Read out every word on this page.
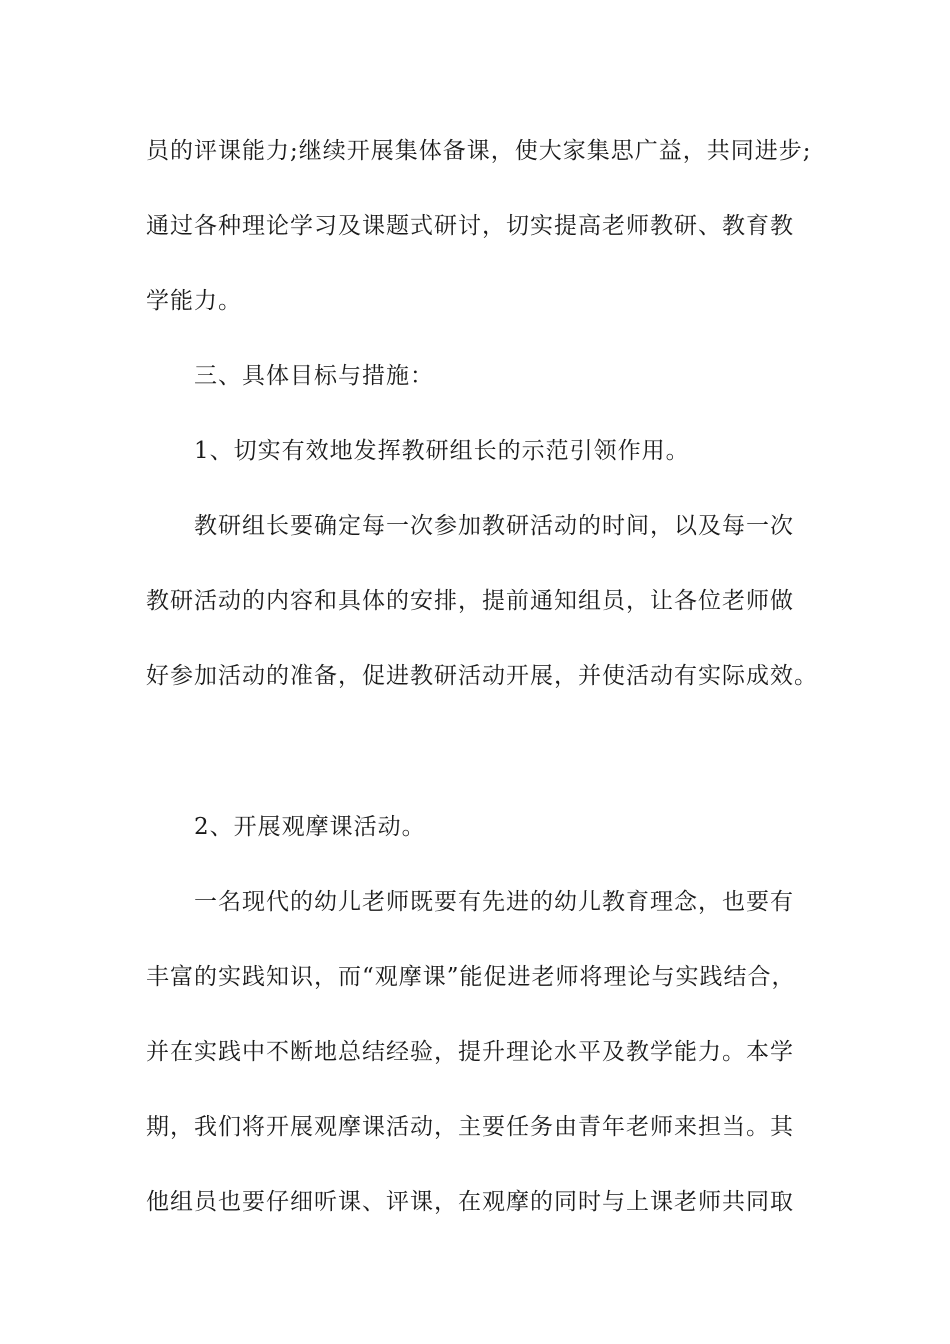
员的评课能力;继续开展集体备课，使大家集思广益，共同进步;
通过各种理论学习及课题式研讨，切实提高老师教研、教育教
学能力。
三、具体目标与措施：
1、切实有效地发挥教研组长的示范引领作用。
教研组长要确定每一次参加教研活动的时间，以及每一次
教研活动的内容和具体的安排，提前通知组员，让各位老师做
好参加活动的准备，促进教研活动开展，并使活动有实际成效。
2、开展观摩课活动。
一名现代的幼儿老师既要有先进的幼儿教育理念，也要有
丰富的实践知识，而“观摩课”能促进老师将理论与实践结合，
并在实践中不断地总结经验，提升理论水平及教学能力。本学
期，我们将开展观摩课活动，主要任务由青年老师来担当。其
他组员也要仔细听课、评课，在观摩的同时与上课老师共同取
